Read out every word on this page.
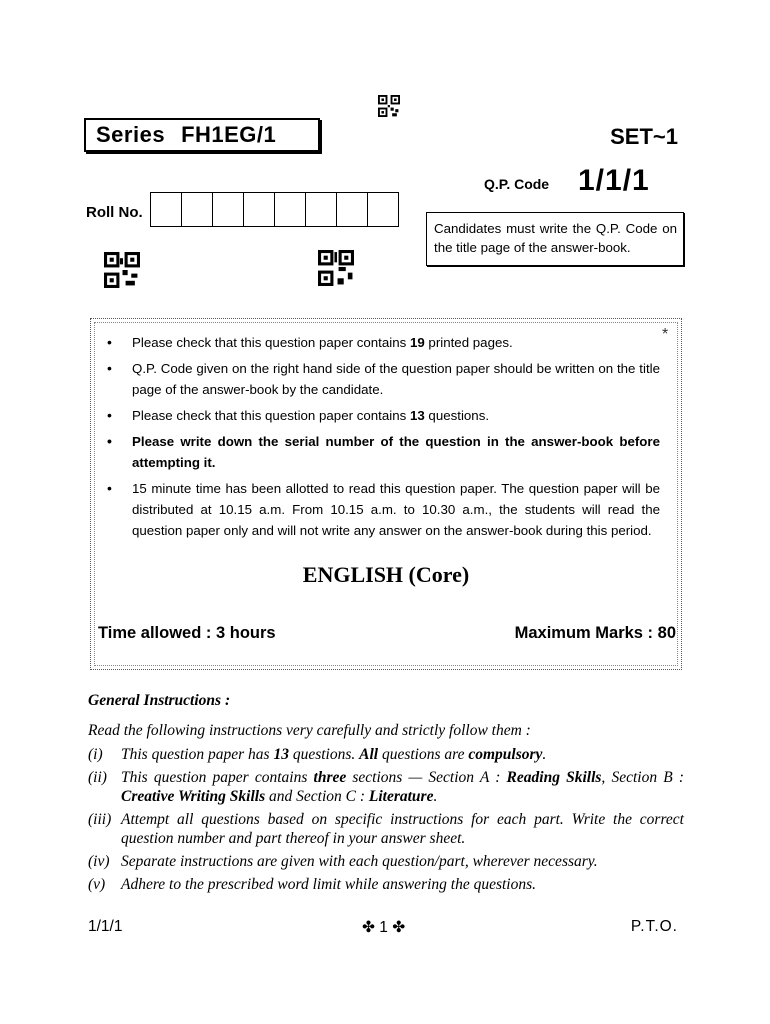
Series FH1EG/1	SET~1
Q.P. Code 1/1/1
Roll No.
Candidates must write the Q.P. Code on the title page of the answer-book.
*
• Please check that this question paper contains 19 printed pages.
• Q.P. Code given on the right hand side of the question paper should be written on the title page of the answer-book by the candidate.
• Please check that this question paper contains 13 questions.
• Please write down the serial number of the question in the answer-book before attempting it.
• 15 minute time has been allotted to read this question paper. The question paper will be distributed at 10.15 a.m. From 10.15 a.m. to 10.30 a.m., the students will read the question paper only and will not write any answer on the answer-book during this period.
ENGLISH (Core)
Time allowed : 3 hours	Maximum Marks : 80
General Instructions :
Read the following instructions very carefully and strictly follow them :
(i)	This question paper has 13 questions. All questions are compulsory.
(ii) This question paper contains three sections — Section A : Reading Skills, Section B : Creative Writing Skills and Section C : Literature.
(iii) Attempt all questions based on specific instructions for each part. Write the correct question number and part thereof in your answer sheet.
(iv) Separate instructions are given with each question/part, wherever necessary.
(v)	Adhere to the prescribed word limit while answering the questions.
1/1/1	✤ 1 ✤	P.T.O.
